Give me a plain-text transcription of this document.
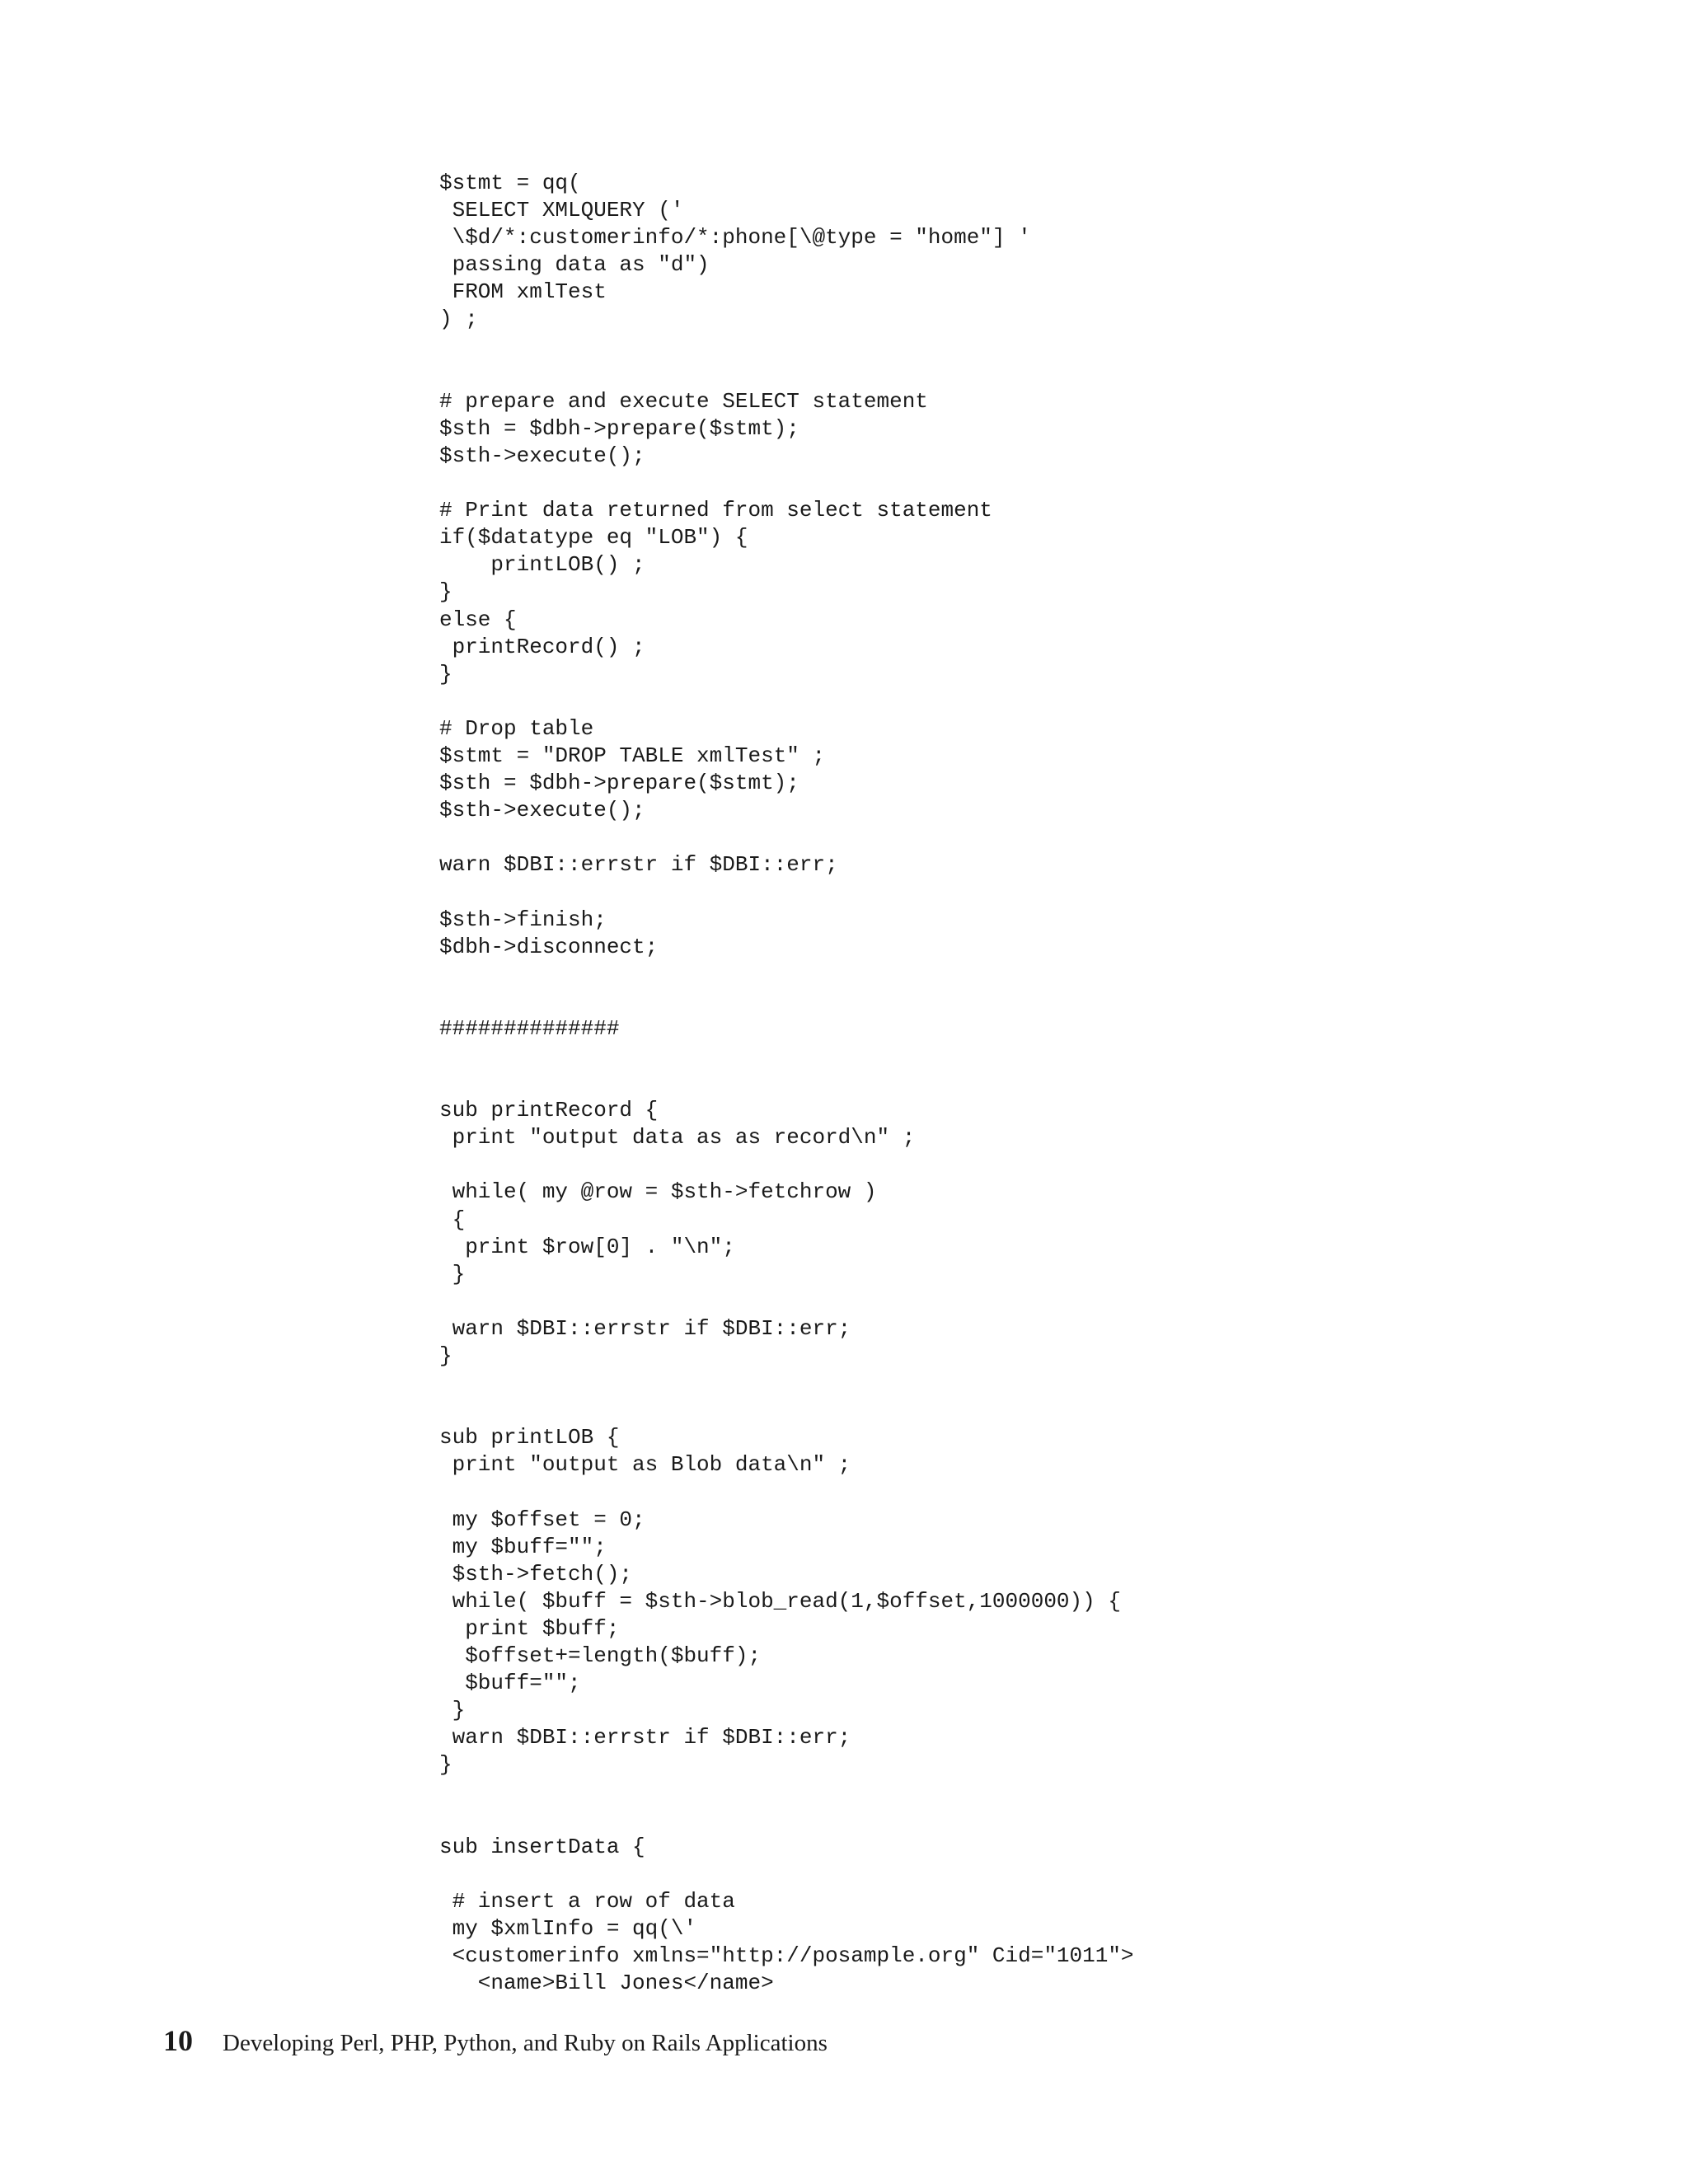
$stmt = qq(
SELECT XMLQUERY ('
\$d/*:customerinfo/*:phone[\@type = "home"] '
passing data as "d")
FROM xmlTest
) ;
# prepare and execute SELECT statement
$sth = $dbh->prepare($stmt);
$sth->execute();
# Print data returned from select statement
if($datatype eq "LOB") {
printLOB() ;
}
else {
printRecord() ;
}
# Drop table
$stmt = "DROP TABLE xmlTest" ;
$sth = $dbh->prepare($stmt);
$sth->execute();
warn $DBI::errstr if $DBI::err;
$sth->finish;
$dbh->disconnect;
##############
sub printRecord {
print "output data as as record\n" ;
while( my @row = $sth->fetchrow )
{
print $row[0] . "\n";
}
warn $DBI::errstr if $DBI::err;
}
sub printLOB {
print "output as Blob data\n" ;
my $offset = 0;
my $buff="";
$sth->fetch();
while( $buff = $sth->blob_read(1,$offset,1000000)) {
print $buff;
$offset+=length($buff);
$buff="";
}
warn $DBI::errstr if $DBI::err;
}
sub insertData {
# insert a row of data
my $xmlInfo = qq(\'
<customerinfo xmlns="http://posample.org" Cid="1011">
<name>Bill Jones</name>
10 Developing Perl, PHP, Python, and Ruby on Rails Applications
